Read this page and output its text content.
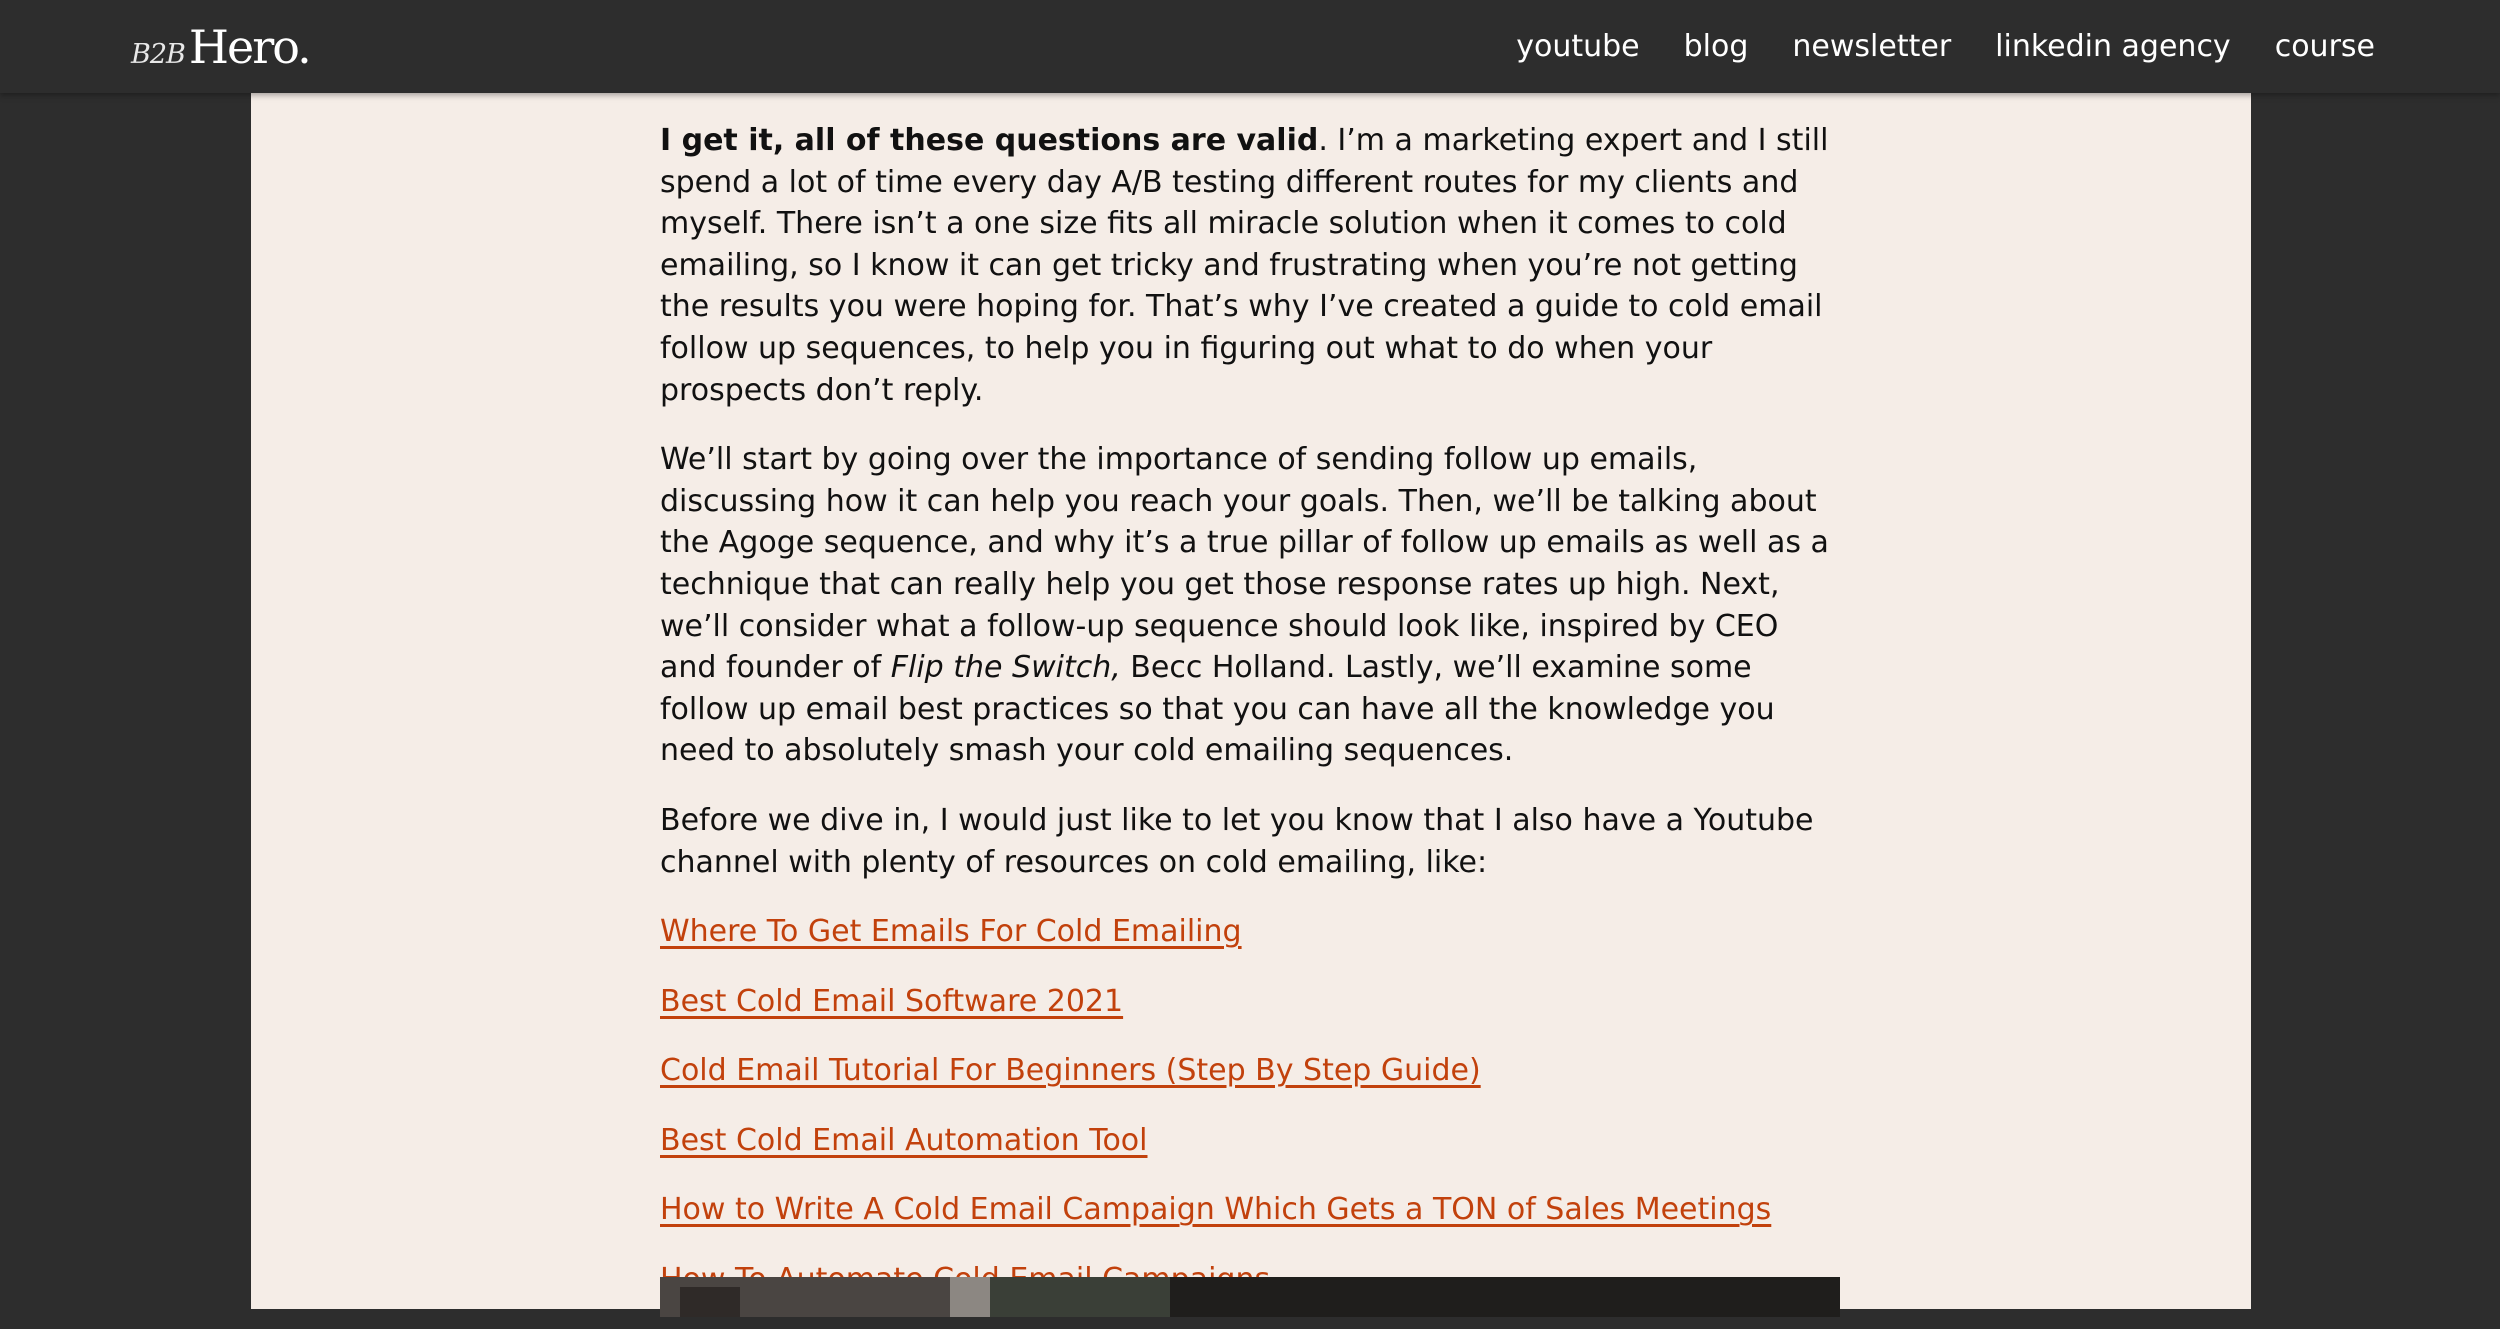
B2B Hero.	youtube blog newsletter linkedin agency course

I get it, all of these questions are valid. I’m a marketing expert and I still spend a lot of time every day A/B testing different routes for my clients and myself. There isn’t a one size fits all miracle solution when it comes to cold emailing, so I know it can get tricky and frustrating when you’re not getting the results you were hoping for. That’s why I’ve created a guide to cold email follow up sequences, to help you in figuring out what to do when your prospects don’t reply.

We’ll start by going over the importance of sending follow up emails, discussing how it can help you reach your goals. Then, we’ll be talking about the Agoge sequence, and why it’s a true pillar of follow up emails as well as a technique that can really help you get those response rates up high. Next, we’ll consider what a follow-up sequence should look like, inspired by CEO and founder of Flip the Switch, Becc Holland. Lastly, we’ll examine some follow up email best practices so that you can have all the knowledge you need to absolutely smash your cold emailing sequences.

Before we dive in, I would just like to let you know that I also have a Youtube channel with plenty of resources on cold emailing, like:

Where To Get Emails For Cold Emailing

Best Cold Email Software 2021

Cold Email Tutorial For Beginners (Step By Step Guide)

Best Cold Email Automation Tool

How to Write A Cold Email Campaign Which Gets a TON of Sales Meetings
